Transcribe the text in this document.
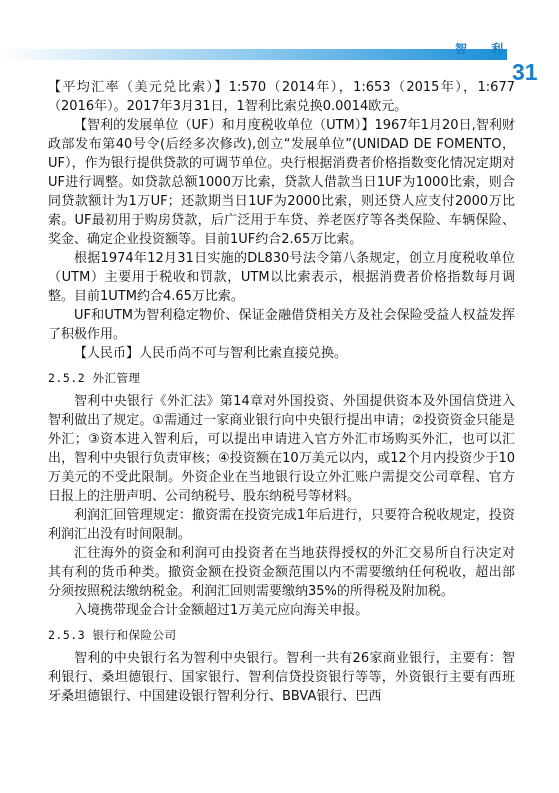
智 利
31

【平均汇率（美元兑比索）】1:570（2014年），1:653（2015年），1:677（2016年）。2017年3月31日，1智利比索兑换0.0014欧元。

【智利的发展单位（UF）和月度税收单位（UTM）】1967年1月20日,智利财政部发布第40号令(后经多次修改),创立“发展单位”(UNIDAD DE FOMENTO，UF），作为银行提供贷款的可调节单位。央行根据消费者价格指数变化情况定期对UF进行调整。如贷款总额1000万比索，贷款人借款当日1UF为1000比索，则合同贷款额计为1万UF；还款期当日1UF为2000比索，则还贷人应支付2000万比索。UF最初用于购房贷款，后广泛用于车贷、养老医疗等各类保险、车辆保险、奖金、确定企业投资额等。目前1UF约合2.65万比索。

根据1974年12月31日实施的DL830号法令第八条规定，创立月度税收单位（UTM）主要用于税收和罚款，UTM以比索表示，根据消费者价格指数每月调整。目前1UTM约合4.65万比索。

UF和UTM为智利稳定物价、保证金融借贷相关方及社会保险受益人权益发挥了积极作用。

【人民币】人民币尚不可与智利比索直接兑换。

2.5.2 外汇管理

智利中央银行《外汇法》第14章对外国投资、外国提供资本及外国信贷进入智利做出了规定。①需通过一家商业银行向中央银行提出申请；②投资资金只能是外汇；③资本进入智利后，可以提出申请进入官方外汇市场购买外汇，也可以汇出，智利中央银行负责审核；④投资额在10万美元以内，或12个月内投资少于10万美元的不受此限制。外资企业在当地银行设立外汇账户需提交公司章程、官方日报上的注册声明、公司纳税号、股东纳税号等材料。

利润汇回管理规定：撤资需在投资完成1年后进行，只要符合税收规定，投资利润汇出没有时间限制。

汇往海外的资金和利润可由投资者在当地获得授权的外汇交易所自行决定对其有利的货币种类。撤资金额在投资金额范围以内不需要缴纳任何税收，超出部分须按照税法缴纳税金。利润汇回则需要缴纳35%的所得税及附加税。

入境携带现金合计金额超过1万美元应向海关申报。

2.5.3 银行和保险公司

智利的中央银行名为智利中央银行。智利一共有26家商业银行，主要有：智利银行、桑坦德银行、国家银行、智利信贷投资银行等等，外资银行主要有西班牙桑坦德银行、中国建设银行智利分行、BBVA银行、巴西
